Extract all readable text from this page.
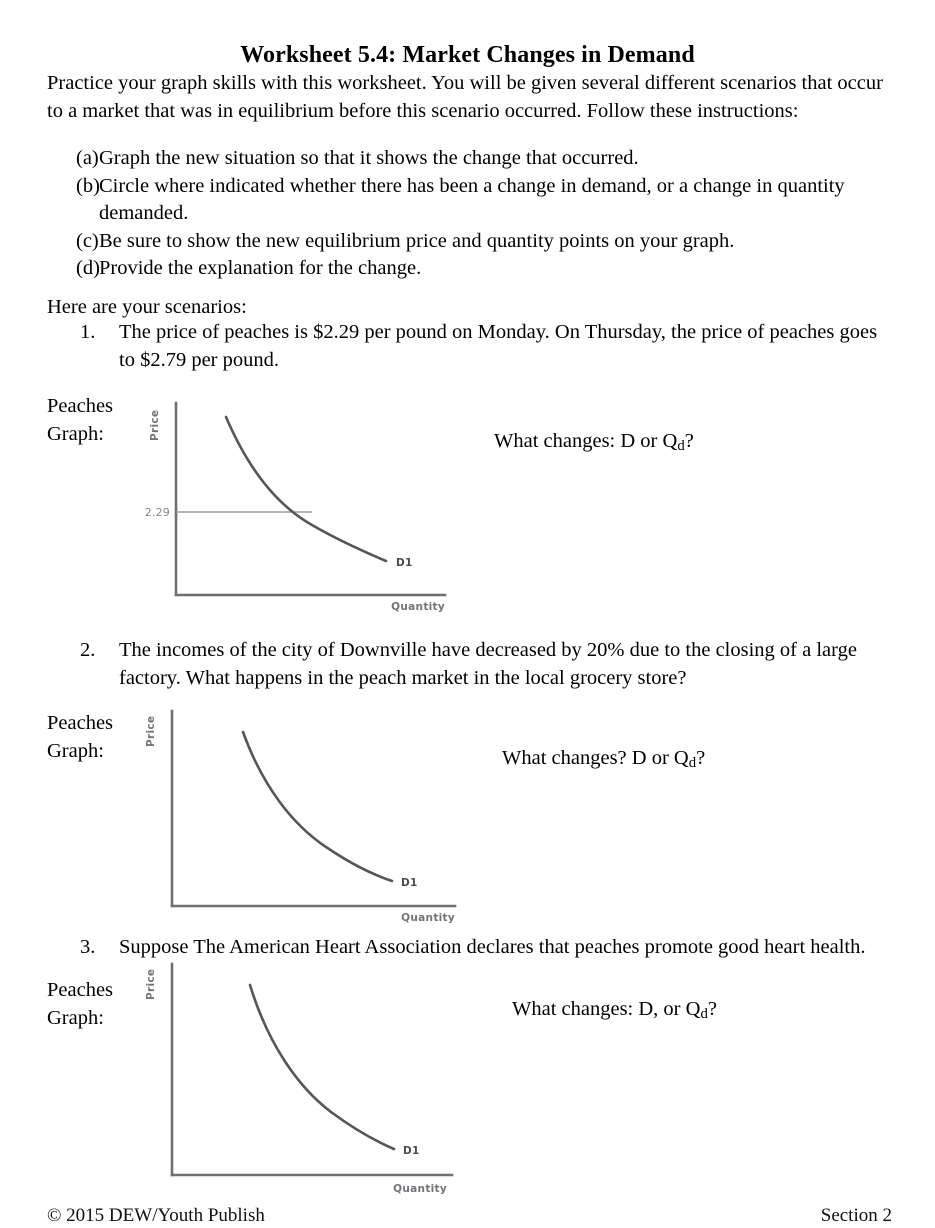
Worksheet 5.4: Market Changes in Demand
Practice your graph skills with this worksheet. You will be given several different scenarios that occur to a market that was in equilibrium before this scenario occurred. Follow these instructions:
(a) Graph the new situation so that it shows the change that occurred.
(b) Circle where indicated whether there has been a change in demand, or a change in quantity demanded.
(c) Be sure to show the new equilibrium price and quantity points on your graph.
(d) Provide the explanation for the change.
Here are your scenarios:
1.	The price of peaches is $2.29 per pound on Monday. On Thursday, the price of peaches goes to $2.79 per pound.
Peaches Graph:	What changes: D or $Q_d$?
Price
Quantity
2.29
D1
2.	The incomes of the city of Downville have decreased by 20% due to the closing of a large factory. What happens in the peach market in the local grocery store?
Peaches Graph:	What changes? D or $Q_d$?
Price
Quantity
D1
3.	Suppose The American Heart Association declares that peaches promote good heart health.
Peaches Graph:	What changes: D, or $Q_d$?
Price
Quantity
D1
© 2015 DEW/Youth Publish	Section 2
